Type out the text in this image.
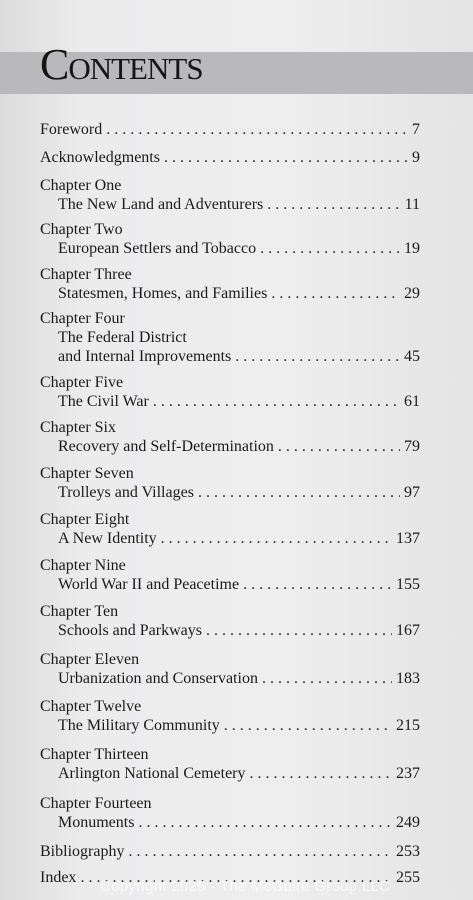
Contents
Foreword . . .	7
Acknowledgments . . .	9
Chapter One
The New Land and Adventurers . . .	11
Chapter Two
European Settlers and Tobacco . . .	19
Chapter Three
Statesmen, Homes, and Families . . .	29
Chapter Four
The Federal District
and Internal Improvements . . .	45
Chapter Five
The Civil War . . .	61
Chapter Six
Recovery and Self-Determination . . .	79
Chapter Seven
Trolleys and Villages . . .	97
Chapter Eight
A New Identity . . .	137
Chapter Nine
World War II and Peacetime . . .	155
Chapter Ten
Schools and Parkways . . .	167
Chapter Eleven
Urbanization and Conservation . . .	183
Chapter Twelve
The Military Community . . .	215
Chapter Thirteen
Arlington National Cemetery . . .	237
Chapter Fourteen
Monuments . . .	249
Bibliography . . .	253
Index . . .	255
Copyright 2025 · The McGuire Group LLC
